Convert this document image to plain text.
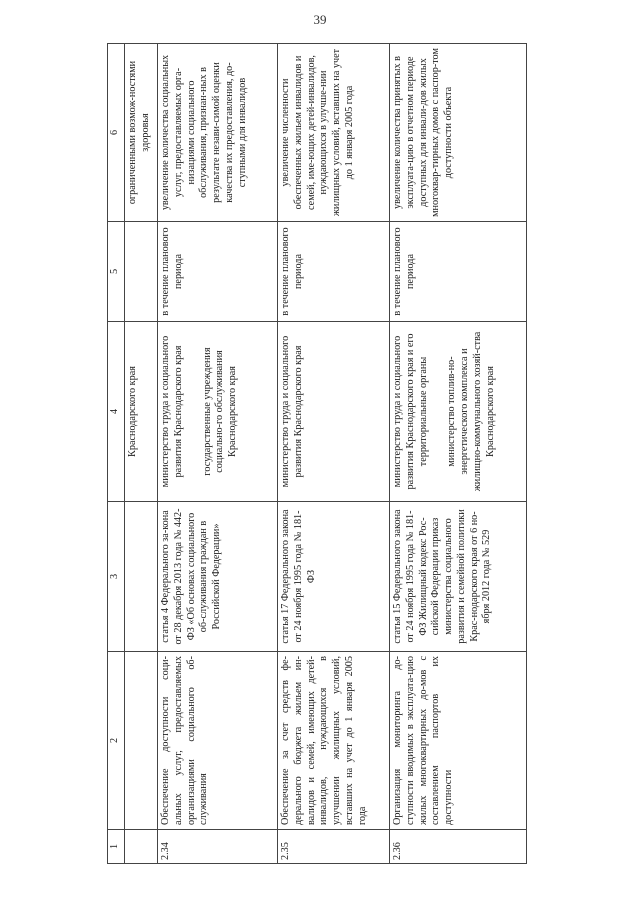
39
1	2	3	4	5	6
			Краснодарского края		ограниченными возмож-ностями здоровья
2.34	Обеспечение доступности соци-альных услуг, предоставляемых организациями социального об-служивания	статья 4 Федерального за-кона от 28 декабря 2013 года № 442-ФЗ «Об основах социального об-служивания граждан в Российской Федерации»	министерство труда и социального развития Краснодарского края государственные учреждения социально-го обслуживания Краснодарского края	в течение планового периода	увеличение количества социальных услуг, предоставляемых орга-низациями социального обслуживания, признан-ных в результате незави-симой оценки качества их предоставления, до-ступными для инвалидов
2.35	Обеспечение за счет средств фе-дерального бюджета жильем ин-валидов и семей, имеющих детей-инвалидов, нуждающихся в улучшении жилищных условий, вставших на учет до 1 января 2005 года	статья 17 Федерального закона от 24 ноября 1995 года № 181-ФЗ	министерство труда и социального развития Краснодарского края	в течение планового периода	увеличение численности обеспеченных жильем инвалидов и семей, име-ющих детей-инвалидов, нуждающихся в улучше-нии жилищных условий, вставших на учет до 1 января 2005 года
2.36	Организация мониторинга до-ступности вводимых в эксплуата-цию жилых многоквартирных до-мов с составлением паспортов их доступности	статья 15 Федерального закона от 24 ноября 1995 года № 181-ФЗ Жилищный кодекс Рос-сийской Федерации приказ министерства социального развития и семейной политики Крас-нодарского края от 6 но-ября 2012 года № 529	министерство труда и социального развития Краснодарского края и его территориальные органы министерство топлив-но-энергетического комплекса и жилищно-коммунального хозяй-ства Краснодарского края	в течение планового периода	увеличение количества принятых в эксплуата-цию в отчетном периоде доступных для инвали-дов жилых многоквар-тирных домов с паспор-том доступности объекта
